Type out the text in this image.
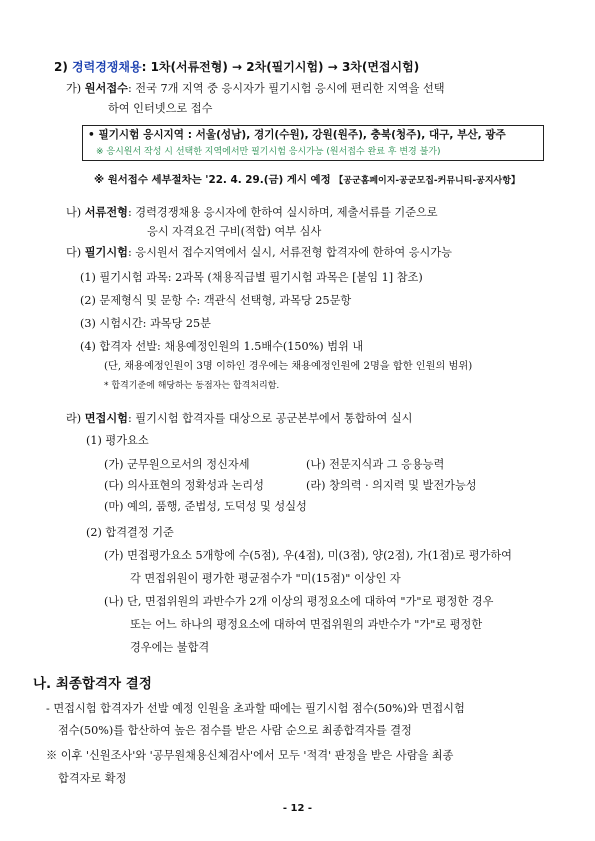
2) 경력경쟁채용: 1차(서류전형) → 2차(필기시험) → 3차(면접시험)
가) 원서접수: 전국 7개 지역 중 응시자가 필기시험 응시에 편리한 지역을 선택
하여 인터넷으로 접수
• 필기시험 응시지역 : 서울(성남), 경기(수원), 강원(원주), 충북(청주), 대구, 부산, 광주
※ 응시원서 작성 시 선택한 지역에서만 필기시험 응시가능 (원서접수 완료 후 변경 불가)
※ 원서접수 세부절차는 '22. 4. 29.(금) 게시 예정 【공군홈페이지-공군모집-커뮤니티-공지사항】
나) 서류전형: 경력경쟁채용 응시자에 한하여 실시하며, 제출서류를 기준으로
응시 자격요건 구비(적합) 여부 심사
다) 필기시험: 응시원서 접수지역에서 실시, 서류전형 합격자에 한하여 응시가능
(1) 필기시험 과목: 2과목 (채용직급별 필기시험 과목은 [붙임 1] 참조)
(2) 문제형식 및 문항 수: 객관식 선택형, 과목당 25문항
(3) 시험시간: 과목당 25분
(4) 합격자 선발: 채용예정인원의 1.5배수(150%) 범위 내
(단, 채용예정인원이 3명 이하인 경우에는 채용예정인원에 2명을 합한 인원의 범위)
* 합격기준에 해당하는 동점자는 합격처리함.
라) 면접시험: 필기시험 합격자를 대상으로 공군본부에서 통합하여 실시
(1) 평가요소
(가) 군무원으로서의 정신자세	(나) 전문지식과 그 응용능력
(다) 의사표현의 정확성과 논리성	(라) 창의력 · 의지력 및 발전가능성
(마) 예의, 품행, 준법성, 도덕성 및 성실성
(2) 합격결정 기준
(가) 면접평가요소 5개항에 수(5점), 우(4점), 미(3점), 양(2점), 가(1점)로 평가하여
각 면접위원이 평가한 평균점수가 "미(15점)" 이상인 자
(나) 단, 면접위원의 과반수가 2개 이상의 평정요소에 대하여 "가"로 평정한 경우
또는 어느 하나의 평정요소에 대하여 면접위원의 과반수가 "가"로 평정한
경우에는 불합격
나. 최종합격자 결정
- 면접시험 합격자가 선발 예정 인원을 초과할 때에는 필기시험 점수(50%)와 면접시험
점수(50%)를 합산하여 높은 점수를 받은 사람 순으로 최종합격자를 결정
※ 이후 '신원조사'와 '공무원채용신체검사'에서 모두 '적격' 판정을 받은 사람을 최종
합격자로 확정
- 12 -
